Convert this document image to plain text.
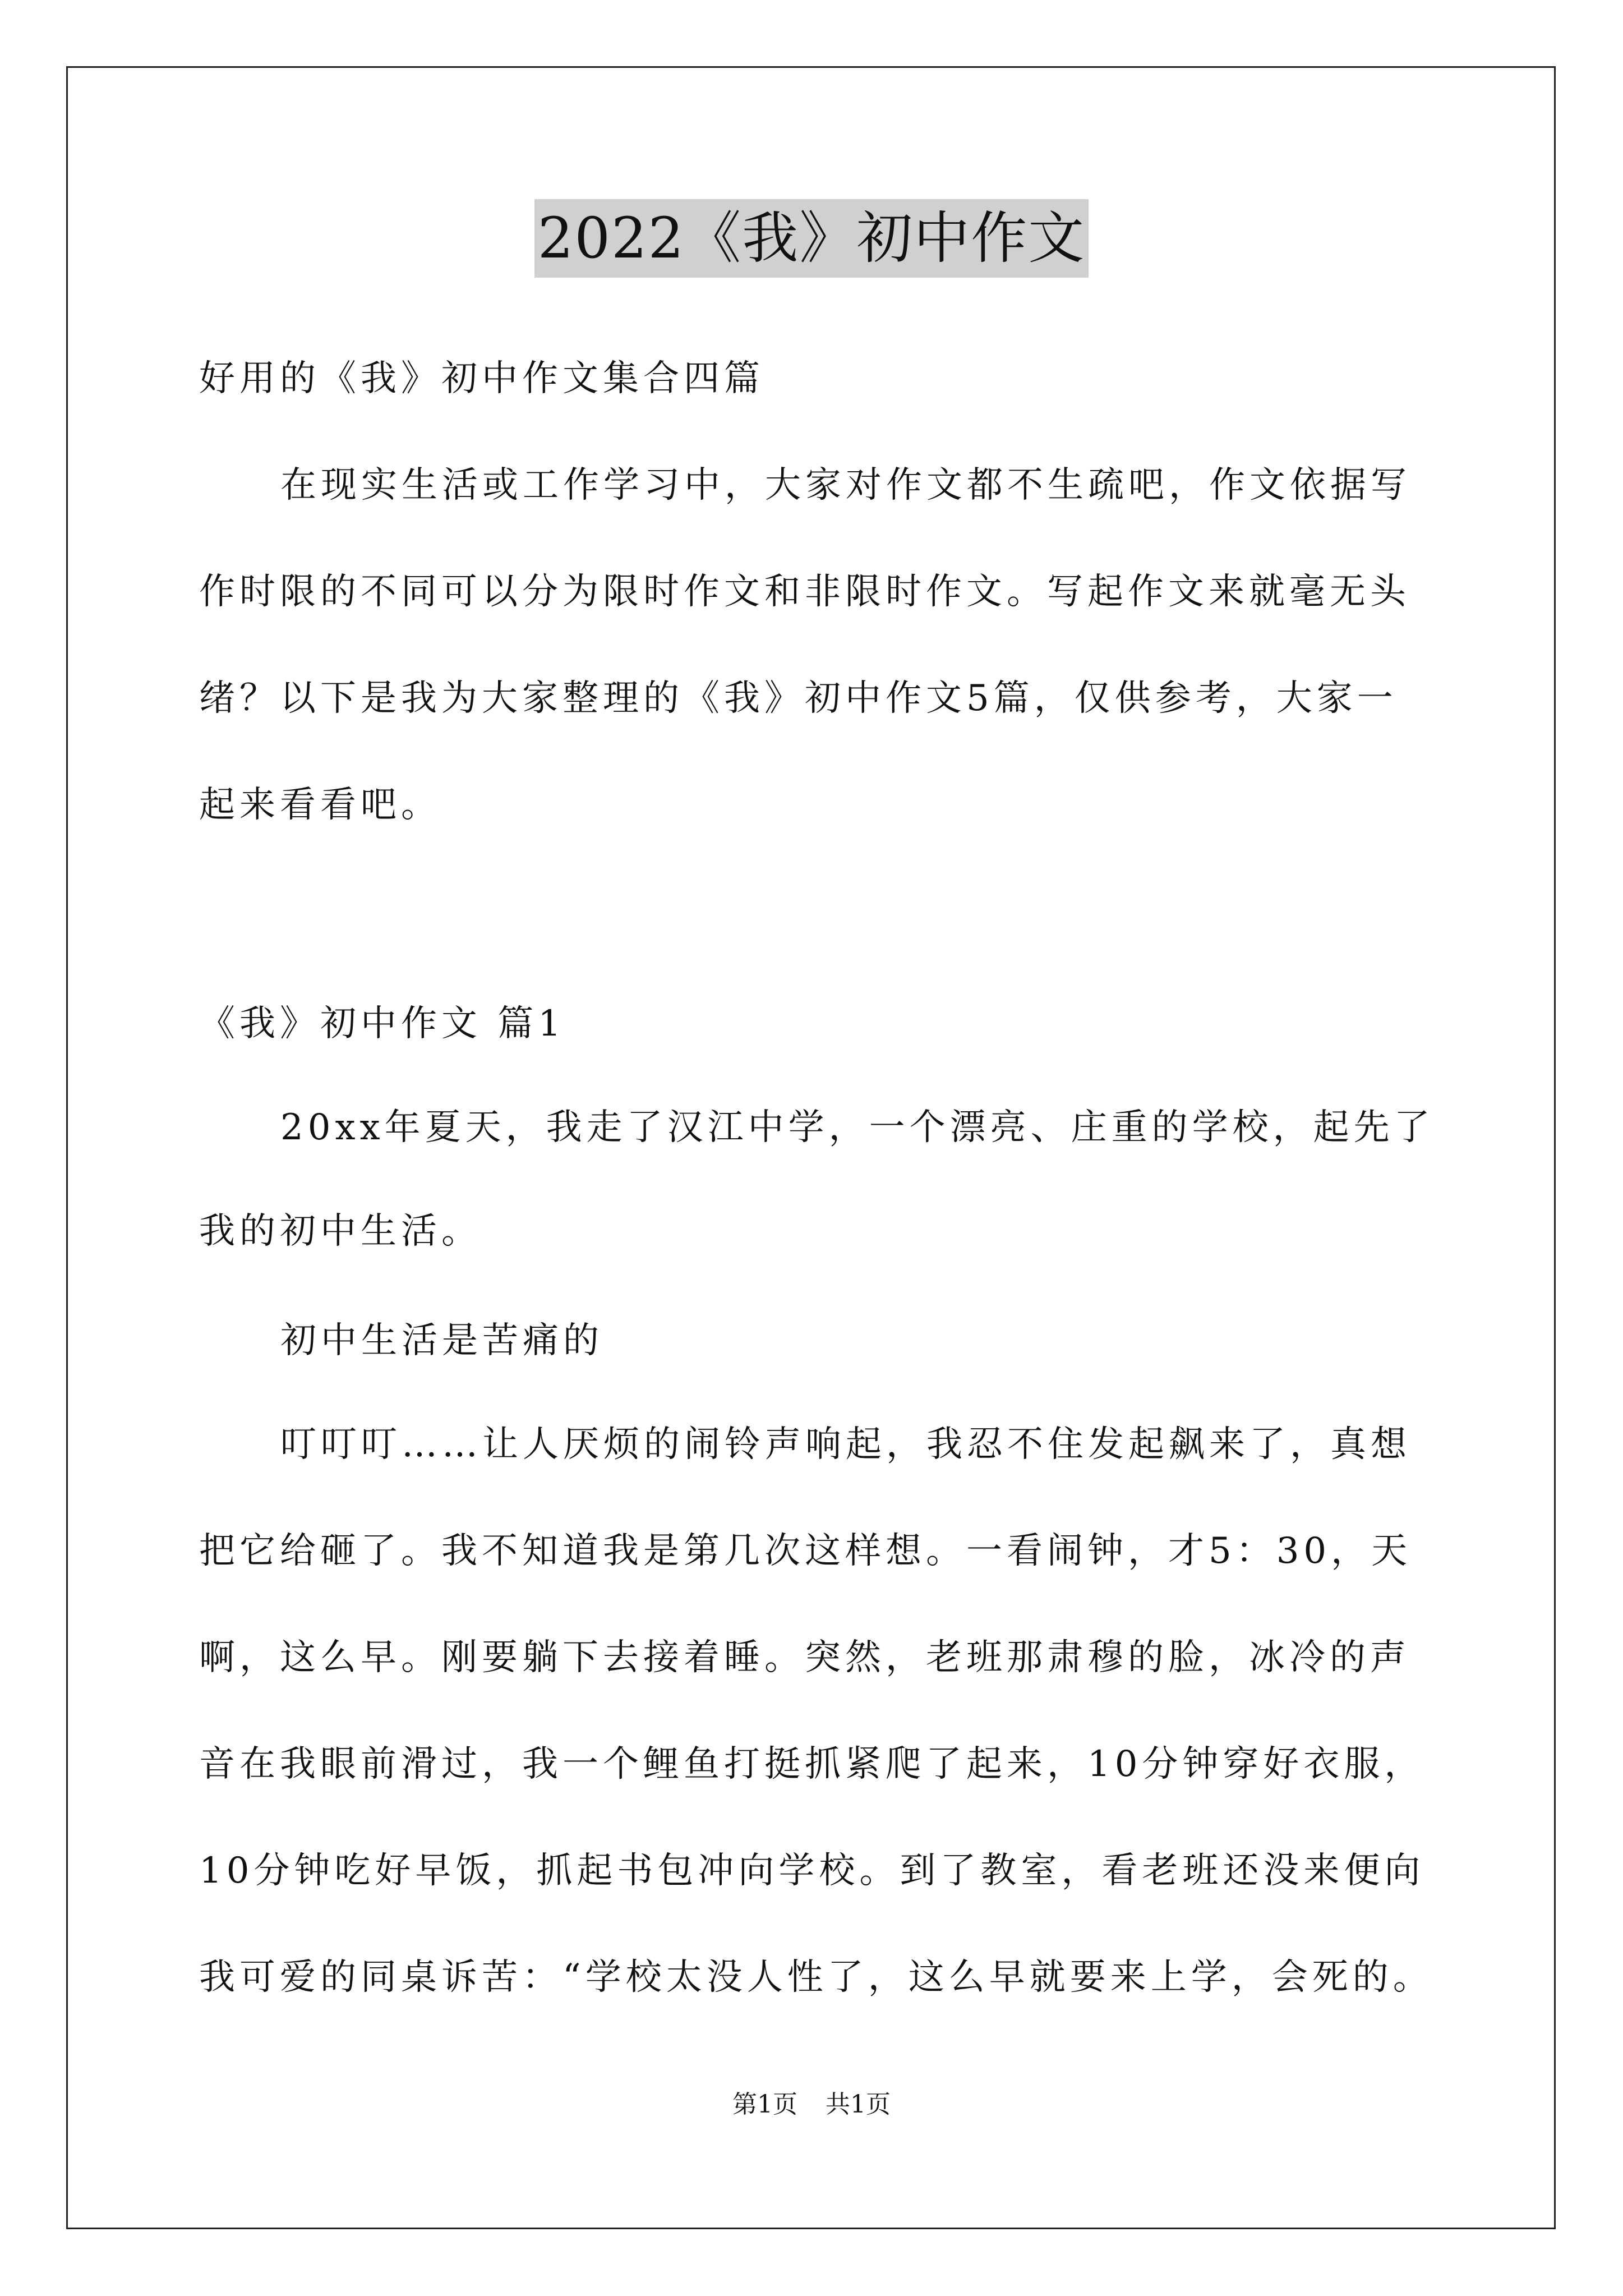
2022《我》初中作文
好用的《我》初中作文集合四篇
在现实生活或工作学习中，大家对作文都不生疏吧，作文依据写
作时限的不同可以分为限时作文和非限时作文。写起作文来就毫无头
绪？以下是我为大家整理的《我》初中作文5篇，仅供参考，大家一
起来看看吧。
《我》初中作文 篇1
20xx年夏天，我走了汉江中学，一个漂亮、庄重的学校，起先了
我的初中生活。
初中生活是苦痛的
叮叮叮……让人厌烦的闹铃声响起，我忍不住发起飙来了，真想
把它给砸了。我不知道我是第几次这样想。一看闹钟，才5：30，天
啊，这么早。刚要躺下去接着睡。突然，老班那肃穆的脸，冰冷的声
音在我眼前滑过，我一个鲤鱼打挺抓紧爬了起来，10分钟穿好衣服，
10分钟吃好早饭，抓起书包冲向学校。到了教室，看老班还没来便向
我可爱的同桌诉苦：“学校太没人性了，这么早就要来上学，会死的。
第1页 共1页
